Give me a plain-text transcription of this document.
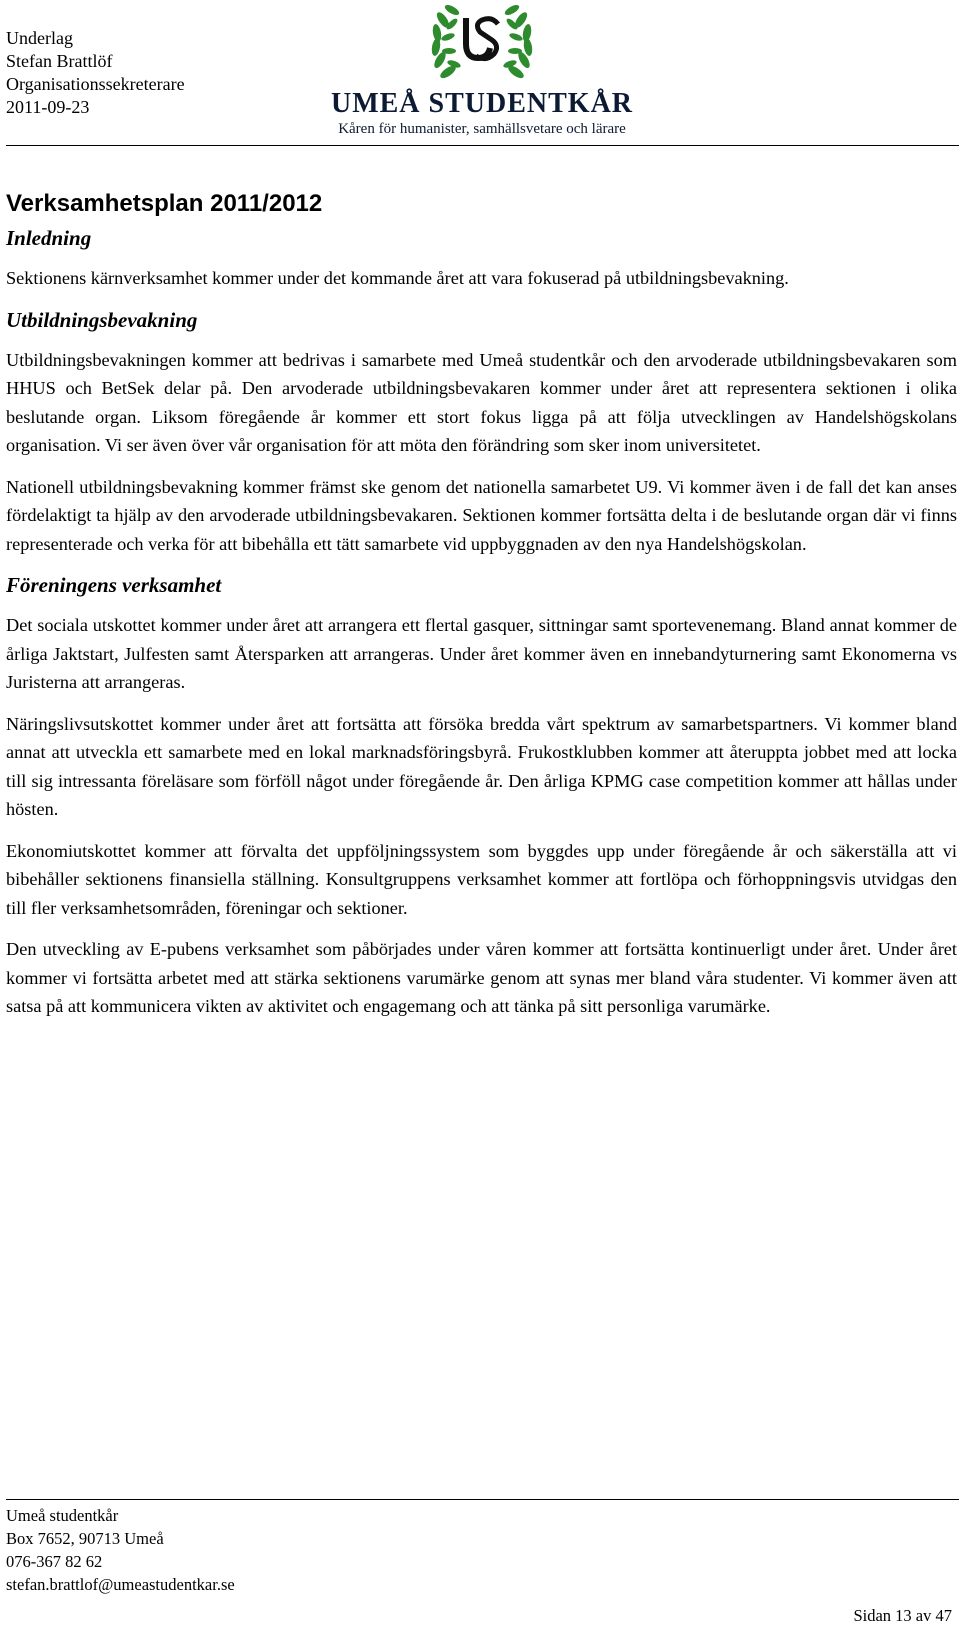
Underlag
Stefan Brattlöf
Organisationssekreterare
2011-09-23	UMEÅ STUDENTKÅR
Kåren för humanister, samhällsvetare och lärare
Verksamhetsplan 2011/2012
Inledning

Sektionens kärnverksamhet kommer under det kommande året att vara fokuserad på utbildningsbevakning.

Utbildningsbevakning

Utbildningsbevakningen kommer att bedrivas i samarbete med Umeå studentkår och den arvoderade utbildningsbevakaren som HHUS och BetSek delar på. Den arvoderade utbildningsbevakaren kommer under året att representera sektionen i olika beslutande organ. Liksom föregående år kommer ett stort fokus ligga på att följa utvecklingen av Handelshögskolans organisation. Vi ser även över vår organisation för att möta den förändring som sker inom universitetet.

Nationell utbildningsbevakning kommer främst ske genom det nationella samarbetet U9. Vi kommer även i de fall det kan anses fördelaktigt ta hjälp av den arvoderade utbildningsbevakaren. Sektionen kommer fortsätta delta i de beslutande organ där vi finns representerade och verka för att bibehålla ett tätt samarbete vid uppbyggnaden av den nya Handelshögskolan.

Föreningens verksamhet

Det sociala utskottet kommer under året att arrangera ett flertal gasquer, sittningar samt sportevenemang. Bland annat kommer de årliga Jaktstart, Julfesten samt Återsparken att arrangeras. Under året kommer även en innebandyturnering samt Ekonomerna vs Juristerna att arrangeras.

Näringslivsutskottet kommer under året att fortsätta att försöka bredda vårt spektrum av samarbetspartners. Vi kommer bland annat att utveckla ett samarbete med en lokal marknadsföringsbyrå. Frukostklubben kommer att återuppta jobbet med att locka till sig intressanta föreläsare som förföll något under föregående år. Den årliga KPMG case competition kommer att hållas under hösten.

Ekonomiutskottet kommer att förvalta det uppföljningssystem som byggdes upp under föregående år och säkerställa att vi bibehåller sektionens finansiella ställning. Konsultgruppens verksamhet kommer att fortlöpa och förhoppningsvis utvidgas den till fler verksamhetsområden, föreningar och sektioner.

Den utveckling av E-pubens verksamhet som påbörjades under våren kommer att fortsätta kontinuerligt under året. Under året kommer vi fortsätta arbetet med att stärka sektionens varumärke genom att synas mer bland våra studenter. Vi kommer även att satsa på att kommunicera vikten av aktivitet och engagemang och att tänka på sitt personliga varumärke.

Umeå studentkår
Box 7652, 90713 Umeå
076-367 82 62
stefan.brattlof@umeastudentkar.se
Sidan 13 av 47
